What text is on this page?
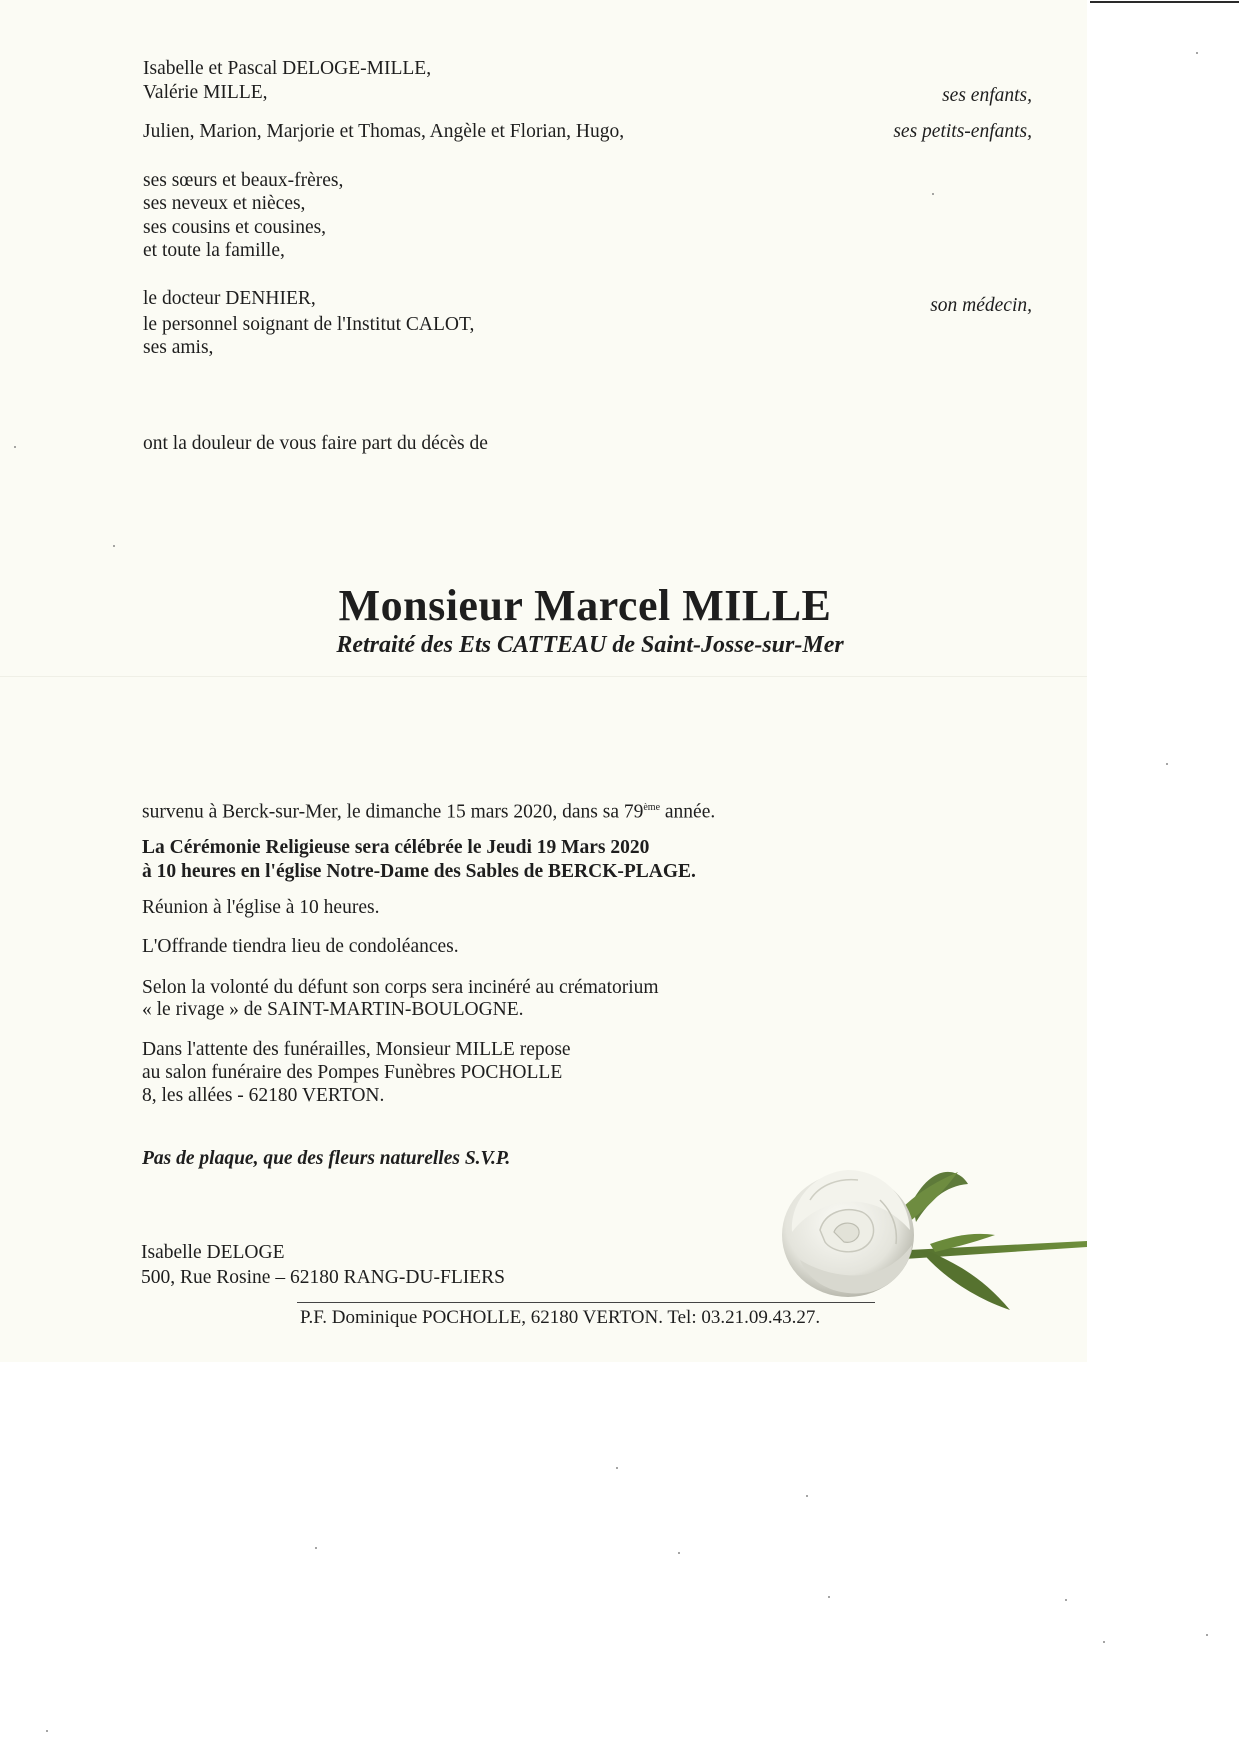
Isabelle et Pascal DELOGE-MILLE,
Valérie MILLE,	ses enfants,
Julien, Marion, Marjorie et Thomas, Angèle et Florian, Hugo,	ses petits-enfants,
ses sœurs et beaux-frères,
ses neveux et nièces,
ses cousins et cousines,
et toute la famille,
le docteur DENHIER,	son médecin,
le personnel soignant de l'Institut CALOT,
ses amis,
ont la douleur de vous faire part du décès de
Monsieur Marcel MILLE
Retraité des Ets CATTEAU de Saint-Josse-sur-Mer
survenu à Berck-sur-Mer, le dimanche 15 mars 2020, dans sa 79ème année.
La Cérémonie Religieuse sera célébrée le Jeudi 19 Mars 2020
à 10 heures en l'église Notre-Dame des Sables de BERCK-PLAGE.
Réunion à l'église à 10 heures.
L'Offrande tiendra lieu de condoléances.
Selon la volonté du défunt son corps sera incinéré au crématorium
« le rivage » de SAINT-MARTIN-BOULOGNE.
Dans l'attente des funérailles, Monsieur MILLE repose
au salon funéraire des Pompes Funèbres POCHOLLE
8, les allées - 62180 VERTON.
Pas de plaque, que des fleurs naturelles S.V.P.
Isabelle DELOGE
500, Rue Rosine – 62180 RANG-DU-FLIERS
P.F. Dominique POCHOLLE, 62180 VERTON. Tel: 03.21.09.43.27.
